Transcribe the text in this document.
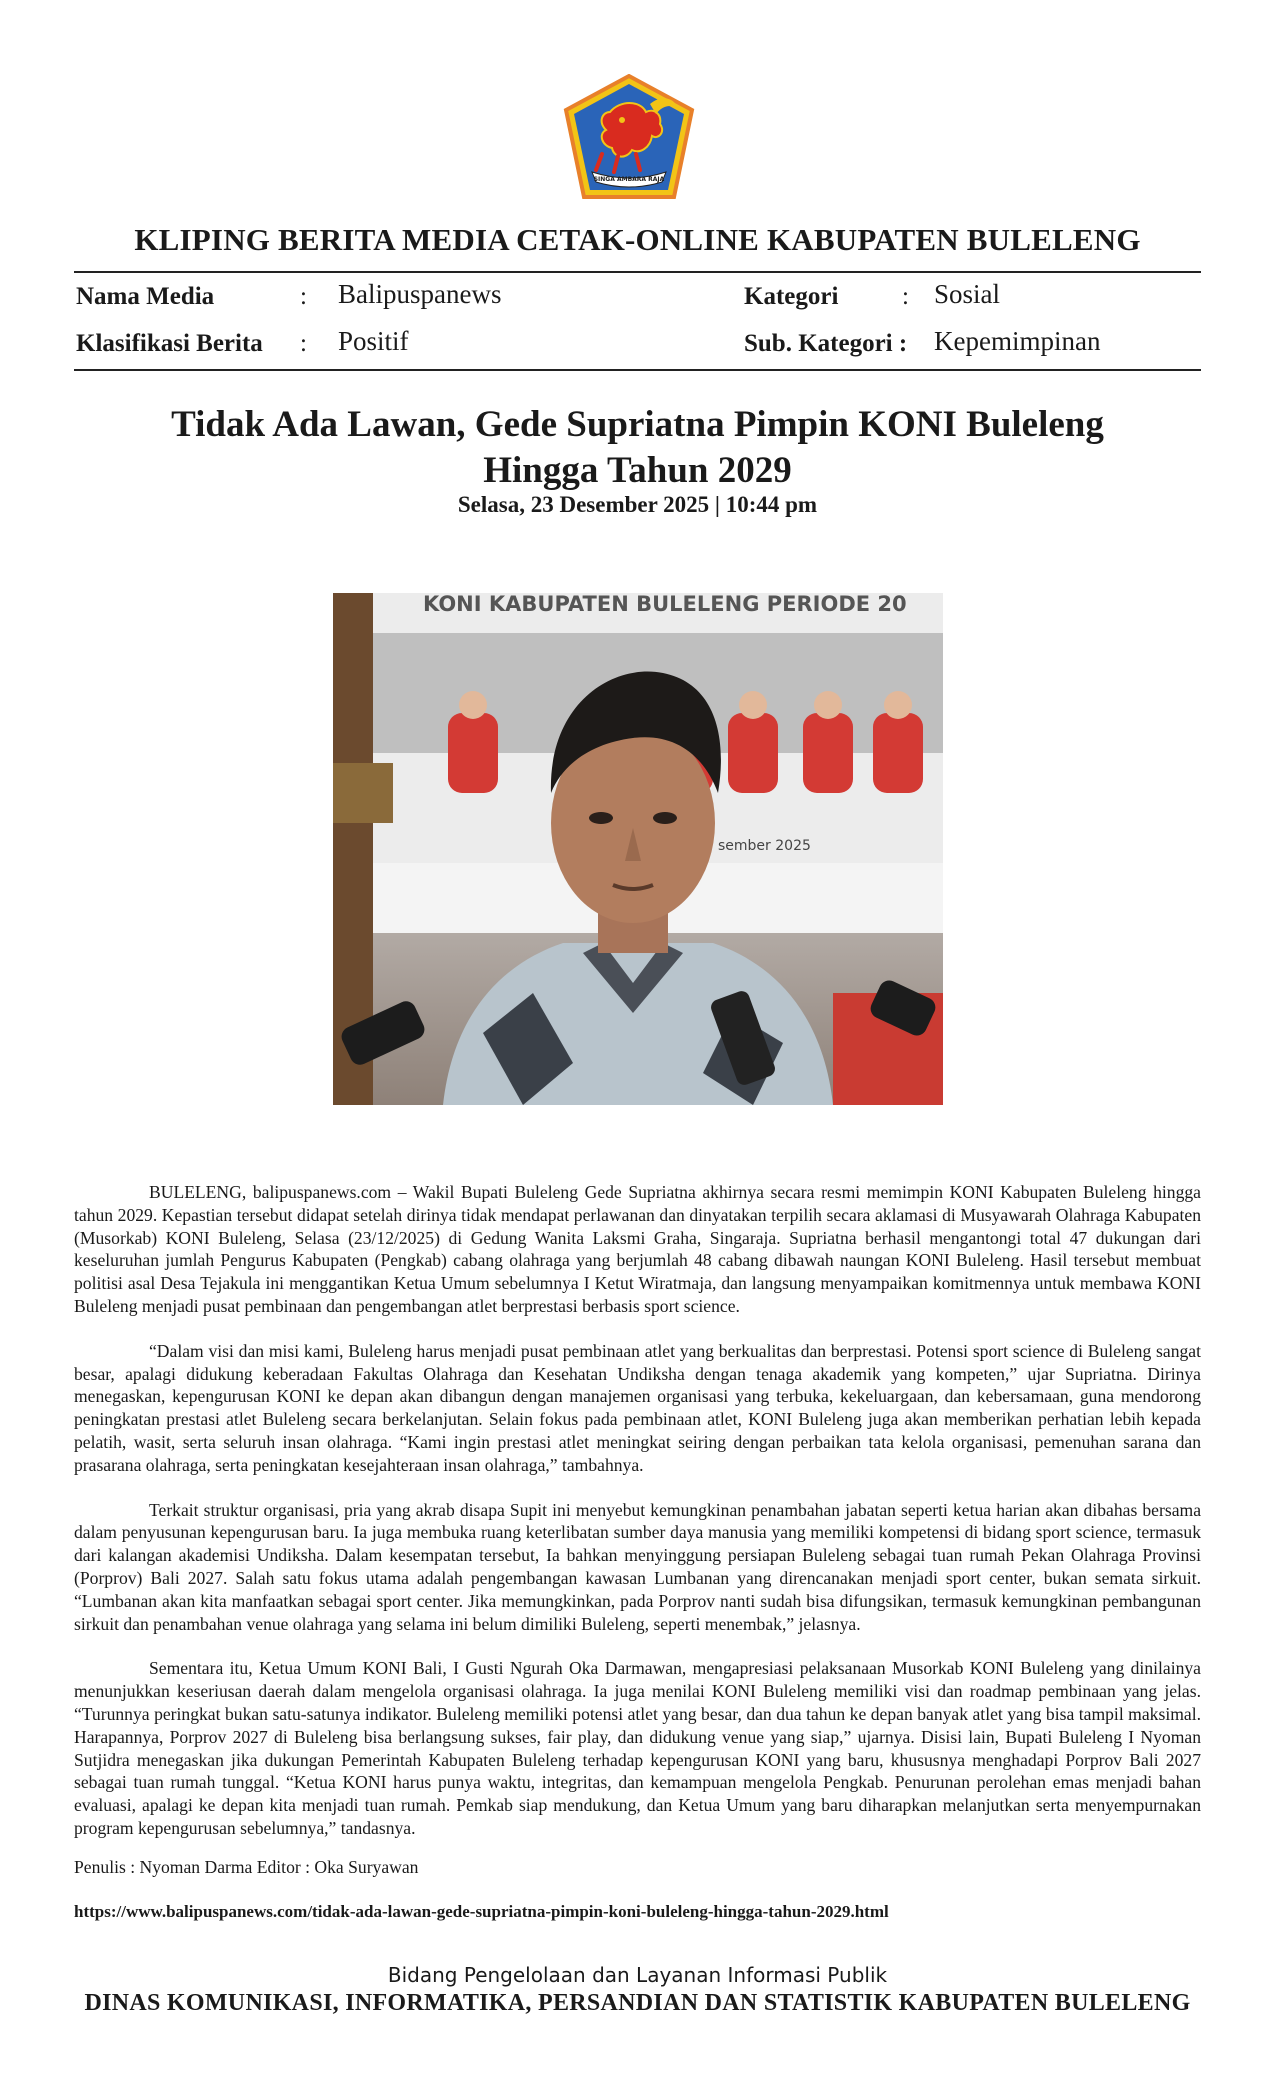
SINGA AMBARA RAJA
KLIPING BERITA MEDIA CETAK-ONLINE KABUPATEN BULELENG
Nama Media	: Balipuspanews	Kategori	: Sosial
Klasifikasi Berita : Positif	Sub. Kategori : Kepemimpinan
Tidak Ada Lawan, Gede Supriatna Pimpin KONI Buleleng
Hingga Tahun 2029
Selasa, 23 Desember 2025 | 10:44 pm
KONI KABUPATEN BULELENG PERIODE 20
sember 2025

BULELENG, balipuspanews.com – Wakil Bupati Buleleng Gede Supriatna akhirnya secara resmi memimpin KONI Kabupaten Buleleng hingga tahun 2029. Kepastian tersebut didapat setelah dirinya tidak mendapat perlawanan dan dinyatakan terpilih secara aklamasi di Musyawarah Olahraga Kabupaten (Musorkab) KONI Buleleng, Selasa (23/12/2025) di Gedung Wanita Laksmi Graha, Singaraja. Supriatna berhasil mengantongi total 47 dukungan dari keseluruhan jumlah Pengurus Kabupaten (Pengkab) cabang olahraga yang berjumlah 48 cabang dibawah naungan KONI Buleleng. Hasil tersebut membuat politisi asal Desa Tejakula ini menggantikan Ketua Umum sebelumnya I Ketut Wiratmaja, dan langsung menyampaikan komitmennya untuk membawa KONI Buleleng menjadi pusat pembinaan dan pengembangan atlet berprestasi berbasis sport science.

“Dalam visi dan misi kami, Buleleng harus menjadi pusat pembinaan atlet yang berkualitas dan berprestasi. Potensi sport science di Buleleng sangat besar, apalagi didukung keberadaan Fakultas Olahraga dan Kesehatan Undiksha dengan tenaga akademik yang kompeten,” ujar Supriatna. Dirinya menegaskan, kepengurusan KONI ke depan akan dibangun dengan manajemen organisasi yang terbuka, kekeluargaan, dan kebersamaan, guna mendorong peningkatan prestasi atlet Buleleng secara berkelanjutan. Selain fokus pada pembinaan atlet, KONI Buleleng juga akan memberikan perhatian lebih kepada pelatih, wasit, serta seluruh insan olahraga. “Kami ingin prestasi atlet meningkat seiring dengan perbaikan tata kelola organisasi, pemenuhan sarana dan prasarana olahraga, serta peningkatan kesejahteraan insan olahraga,” tambahnya.

Terkait struktur organisasi, pria yang akrab disapa Supit ini menyebut kemungkinan penambahan jabatan seperti ketua harian akan dibahas bersama dalam penyusunan kepengurusan baru. Ia juga membuka ruang keterlibatan sumber daya manusia yang memiliki kompetensi di bidang sport science, termasuk dari kalangan akademisi Undiksha. Dalam kesempatan tersebut, Ia bahkan menyinggung persiapan Buleleng sebagai tuan rumah Pekan Olahraga Provinsi (Porprov) Bali 2027. Salah satu fokus utama adalah pengembangan kawasan Lumbanan yang direncanakan menjadi sport center, bukan semata sirkuit. “Lumbanan akan kita manfaatkan sebagai sport center. Jika memungkinkan, pada Porprov nanti sudah bisa difungsikan, termasuk kemungkinan pembangunan sirkuit dan penambahan venue olahraga yang selama ini belum dimiliki Buleleng, seperti menembak,” jelasnya.

Sementara itu, Ketua Umum KONI Bali, I Gusti Ngurah Oka Darmawan, mengapresiasi pelaksanaan Musorkab KONI Buleleng yang dinilainya menunjukkan keseriusan daerah dalam mengelola organisasi olahraga. Ia juga menilai KONI Buleleng memiliki visi dan roadmap pembinaan yang jelas. “Turunnya peringkat bukan satu-satunya indikator. Buleleng memiliki potensi atlet yang besar, dan dua tahun ke depan banyak atlet yang bisa tampil maksimal. Harapannya, Porprov 2027 di Buleleng bisa berlangsung sukses, fair play, dan didukung venue yang siap,” ujarnya. Disisi lain, Bupati Buleleng I Nyoman Sutjidra menegaskan jika dukungan Pemerintah Kabupaten Buleleng terhadap kepengurusan KONI yang baru, khususnya menghadapi Porprov Bali 2027 sebagai tuan rumah tunggal. “Ketua KONI harus punya waktu, integritas, dan kemampuan mengelola Pengkab. Penurunan perolehan emas menjadi bahan evaluasi, apalagi ke depan kita menjadi tuan rumah. Pemkab siap mendukung, dan Ketua Umum yang baru diharapkan melanjutkan serta menyempurnakan program kepengurusan sebelumnya,” tandasnya.

Penulis : Nyoman Darma Editor : Oka Suryawan
https://www.balipuspanews.com/tidak-ada-lawan-gede-supriatna-pimpin-koni-buleleng-hingga-tahun-2029.html
Bidang Pengelolaan dan Layanan Informasi Publik
DINAS KOMUNIKASI, INFORMATIKA, PERSANDIAN DAN STATISTIK KABUPATEN BULELENG
